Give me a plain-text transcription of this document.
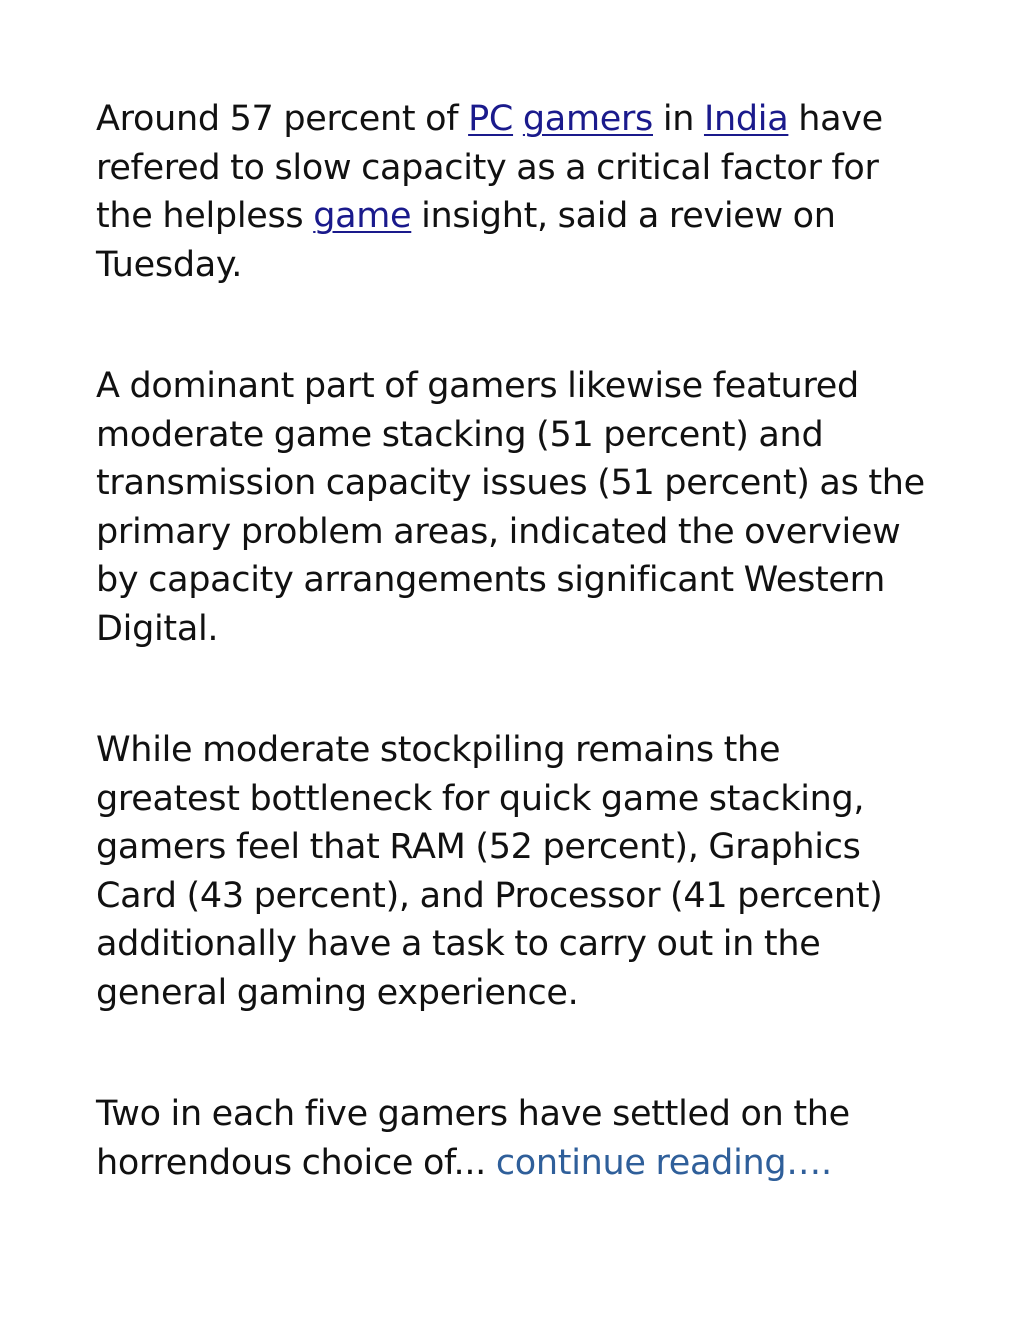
Around 57 percent of PC gamers in India have refered to slow capacity as a critical factor for the helpless game insight, said a review on Tuesday.

A dominant part of gamers likewise featured moderate game stacking (51 percent) and transmission capacity issues (51 percent) as the primary problem areas, indicated the overview by capacity arrangements significant Western Digital.

While moderate stockpiling remains the greatest bottleneck for quick game stacking, gamers feel that RAM (52 percent), Graphics Card (43 percent), and Processor (41 percent) additionally have a task to carry out in the general gaming experience.

Two in each five gamers have settled on the horrendous choice of... continue reading….
